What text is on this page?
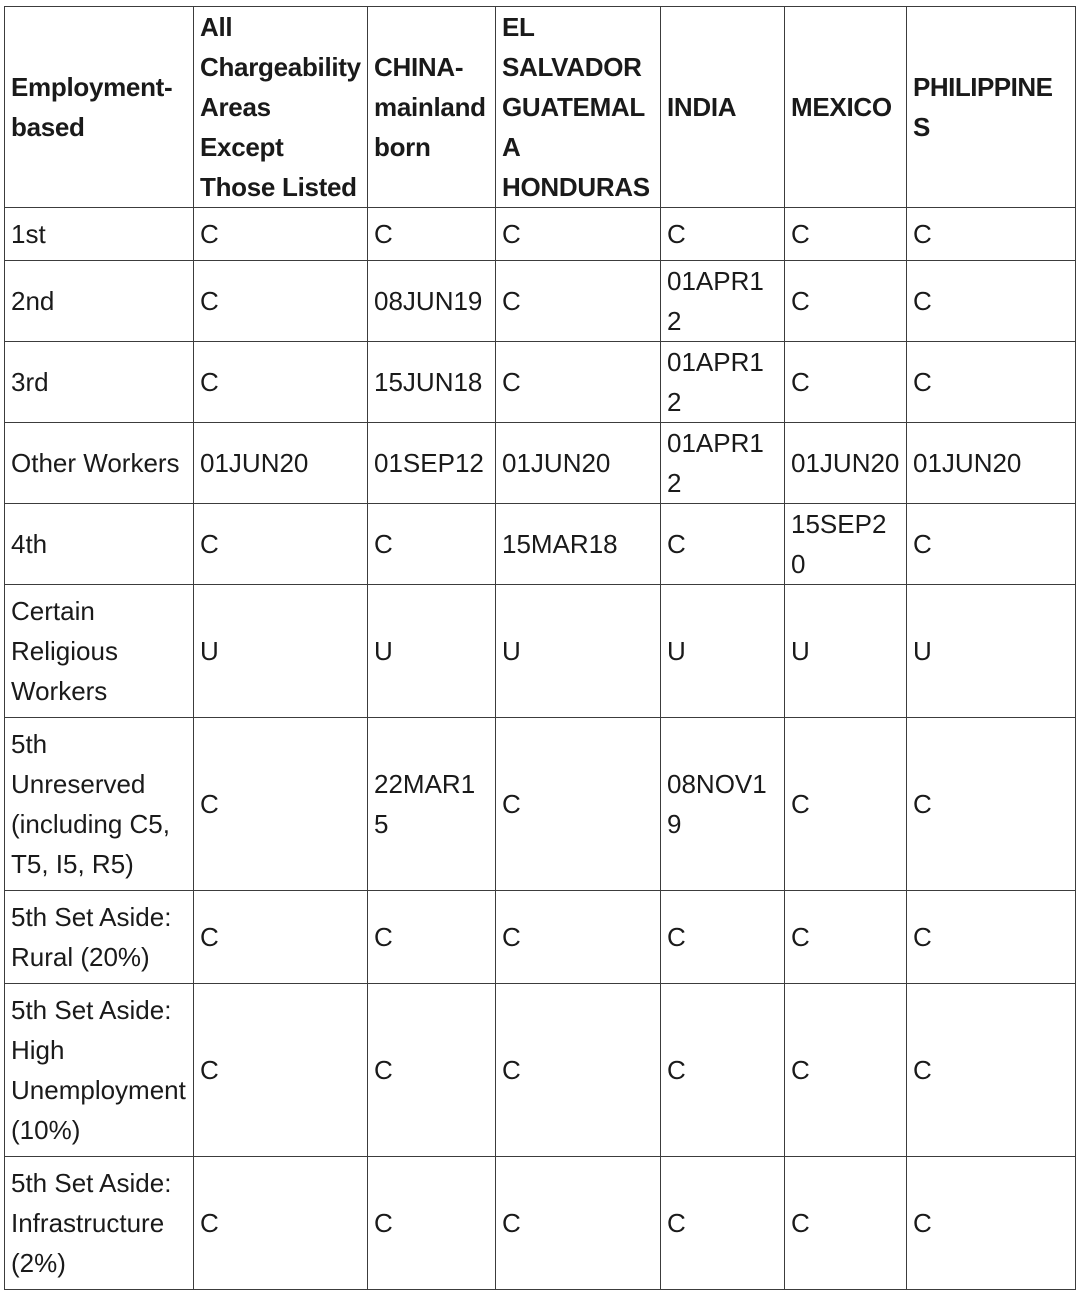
Employment-based	All Chargeability Areas Except Those Listed	CHINA-mainland born	EL SALVADOR GUATEMALA HONDURAS	INDIA	MEXICO	PHILIPPINES

1st	C	C	C	C	C	C
2nd	C	08JUN19	C	01APR12	C	C
3rd	C	15JUN18	C	01APR12	C	C
Other Workers	01JUN20	01SEP12	01JUN20	01APR12	01JUN20	01JUN20
4th	C	C	15MAR18	C	15SEP20	C
Certain Religious Workers	U	U	U	U	U	U
5th Unreserved (including C5, T5, I5, R5)	C	22MAR15	C	08NOV19	C	C
5th Set Aside: Rural (20%)	C	C	C	C	C	C
5th Set Aside: High Unemployment (10%)	C	C	C	C	C	C
5th Set Aside: Infrastructure (2%)	C	C	C	C	C	C
